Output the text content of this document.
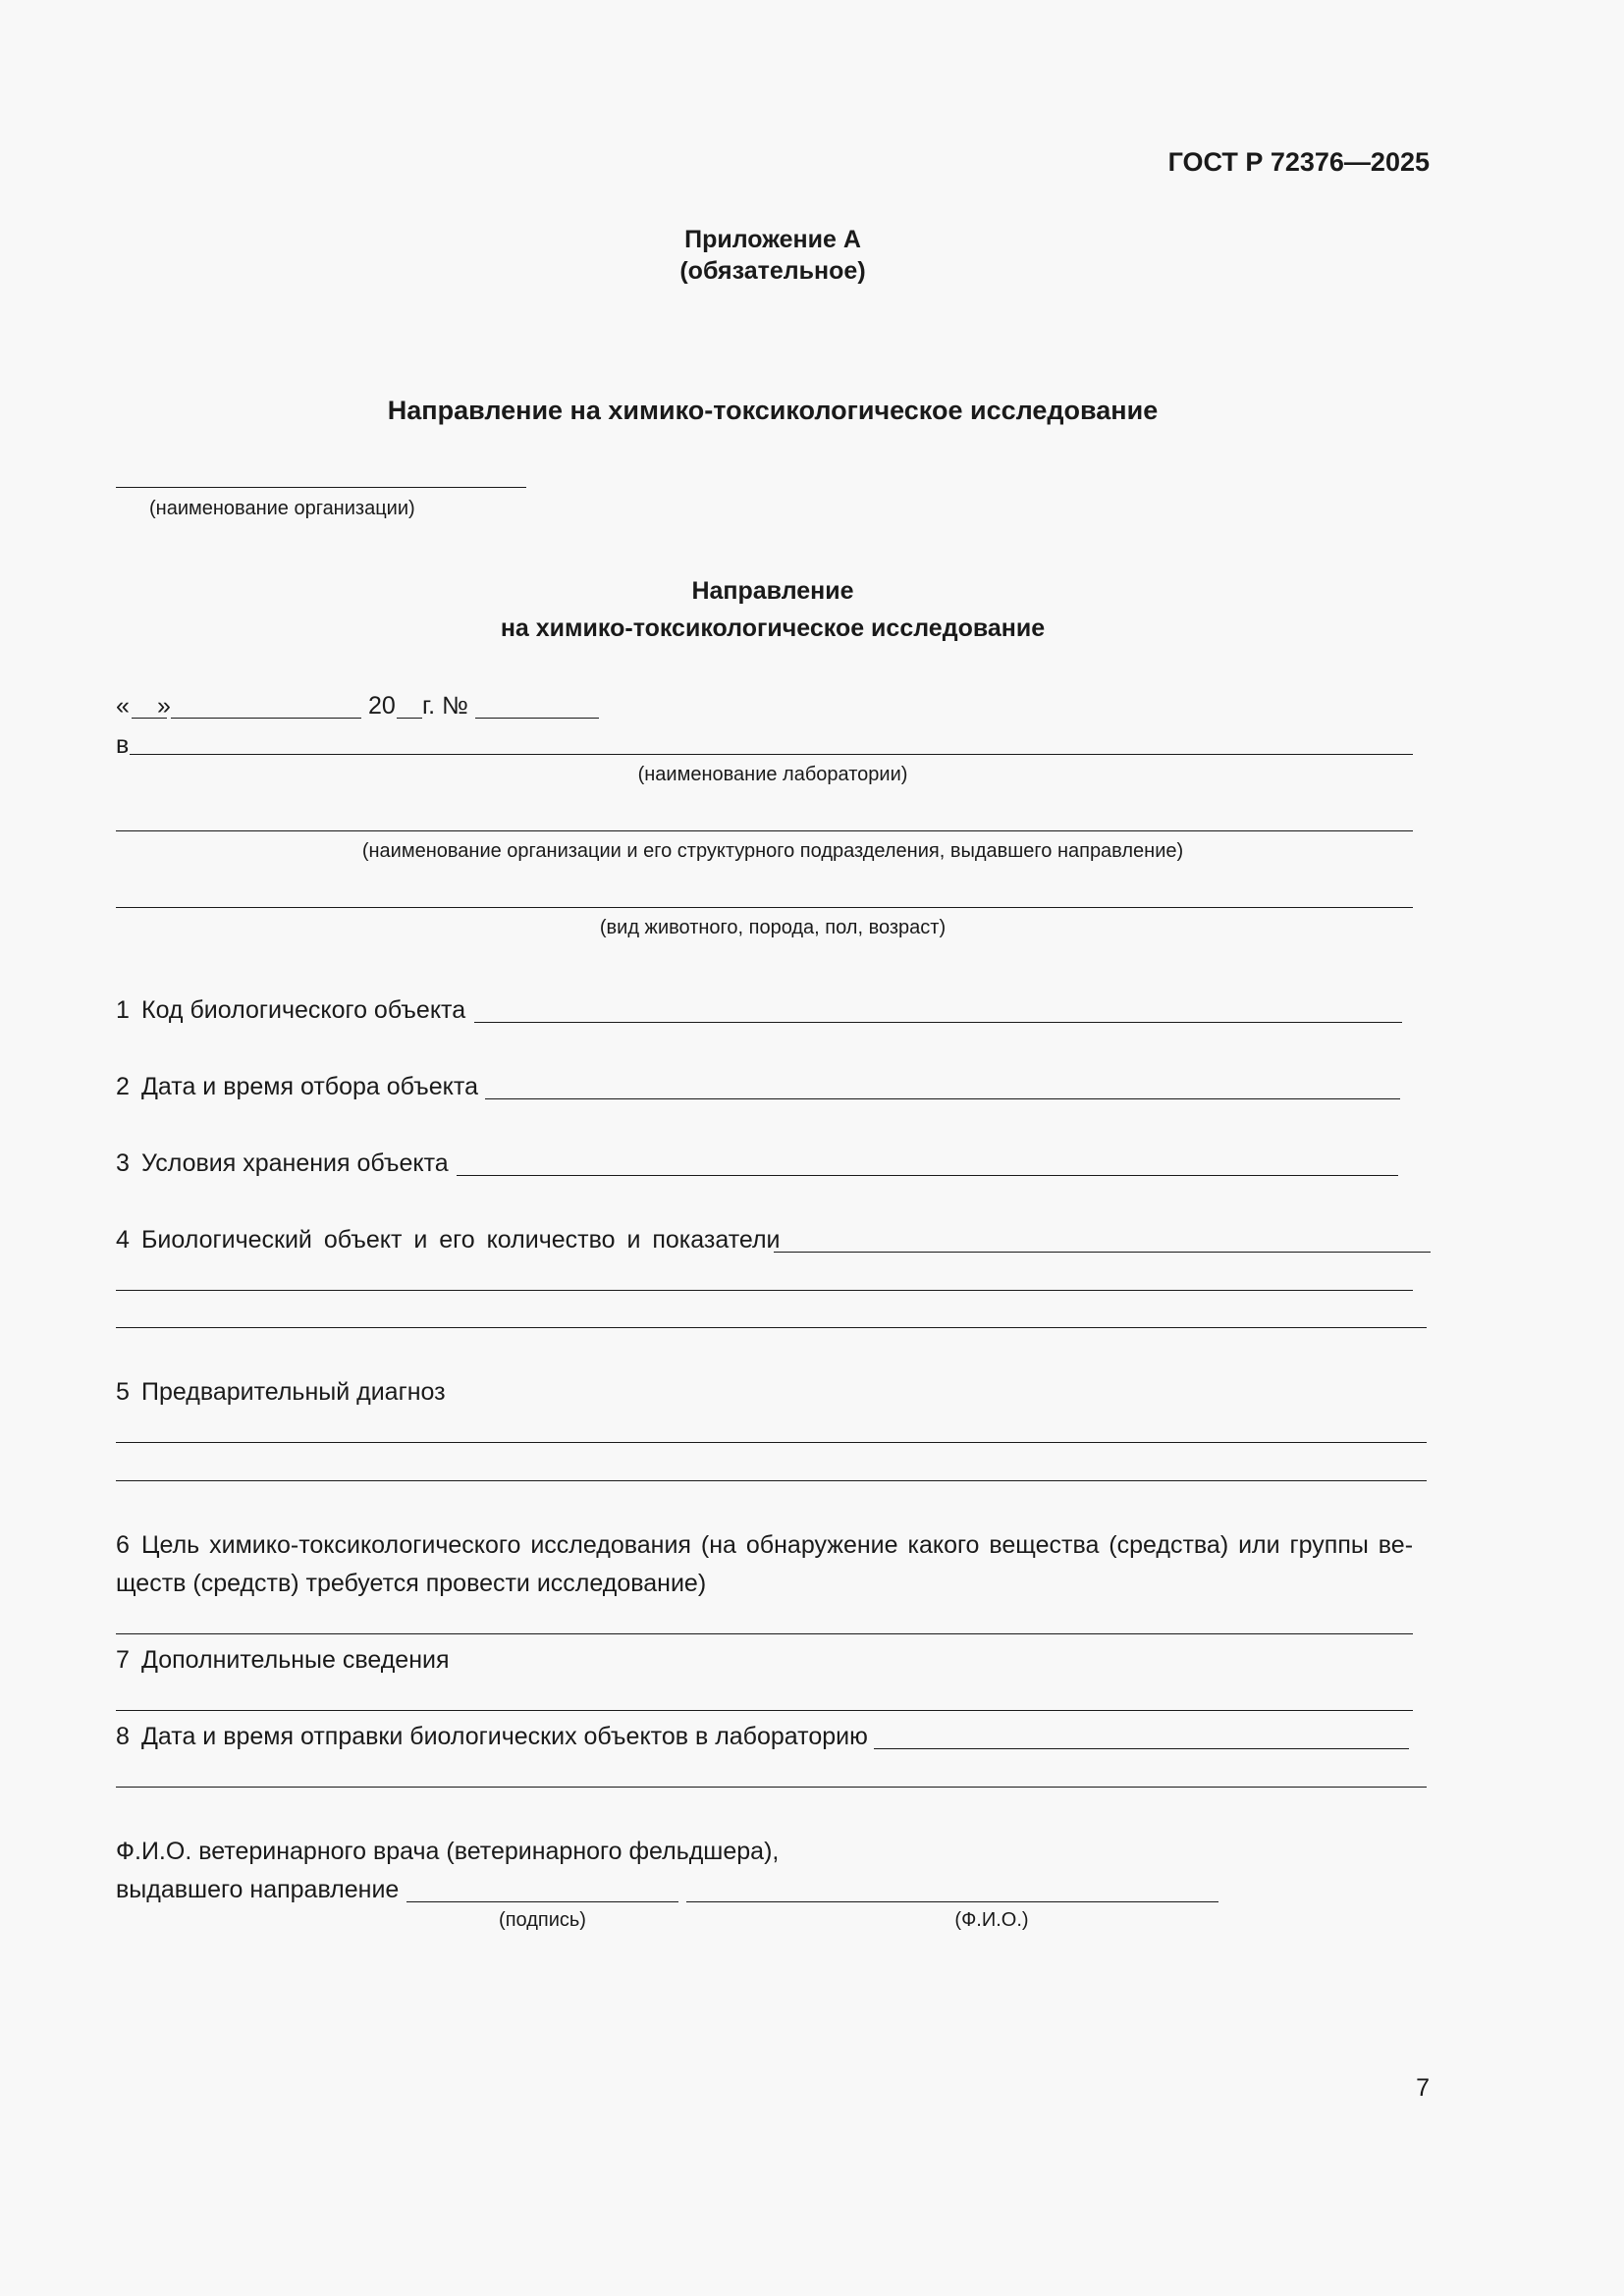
ГОСТ Р 72376—2025
Приложение А
(обязательное)
Направление на химико-токсикологическое исследование
(наименование организации)
Направление
на химико-токсикологическое исследование
« »	20 г. №
в
(наименование лаборатории)
(наименование организации и его структурного подразделения, выдавшего направление)
(вид животного, порода, пол, возраст)
1 Код биологического объекта
2 Дата и время отбора объекта
3 Условия хранения объекта
4 Биологический объект и его количество и показатели
5 Предварительный диагноз
6 Цель химико-токсикологического исследования (на обнаружение какого вещества (средства) или группы ве-
ществ (средств) требуется провести исследование)
7 Дополнительные сведения
8 Дата и время отправки биологических объектов в лабораторию
Ф.И.О. ветеринарного врача (ветеринарного фельдшера),
выдавшего направление
(подпись)	(Ф.И.О.)
7
